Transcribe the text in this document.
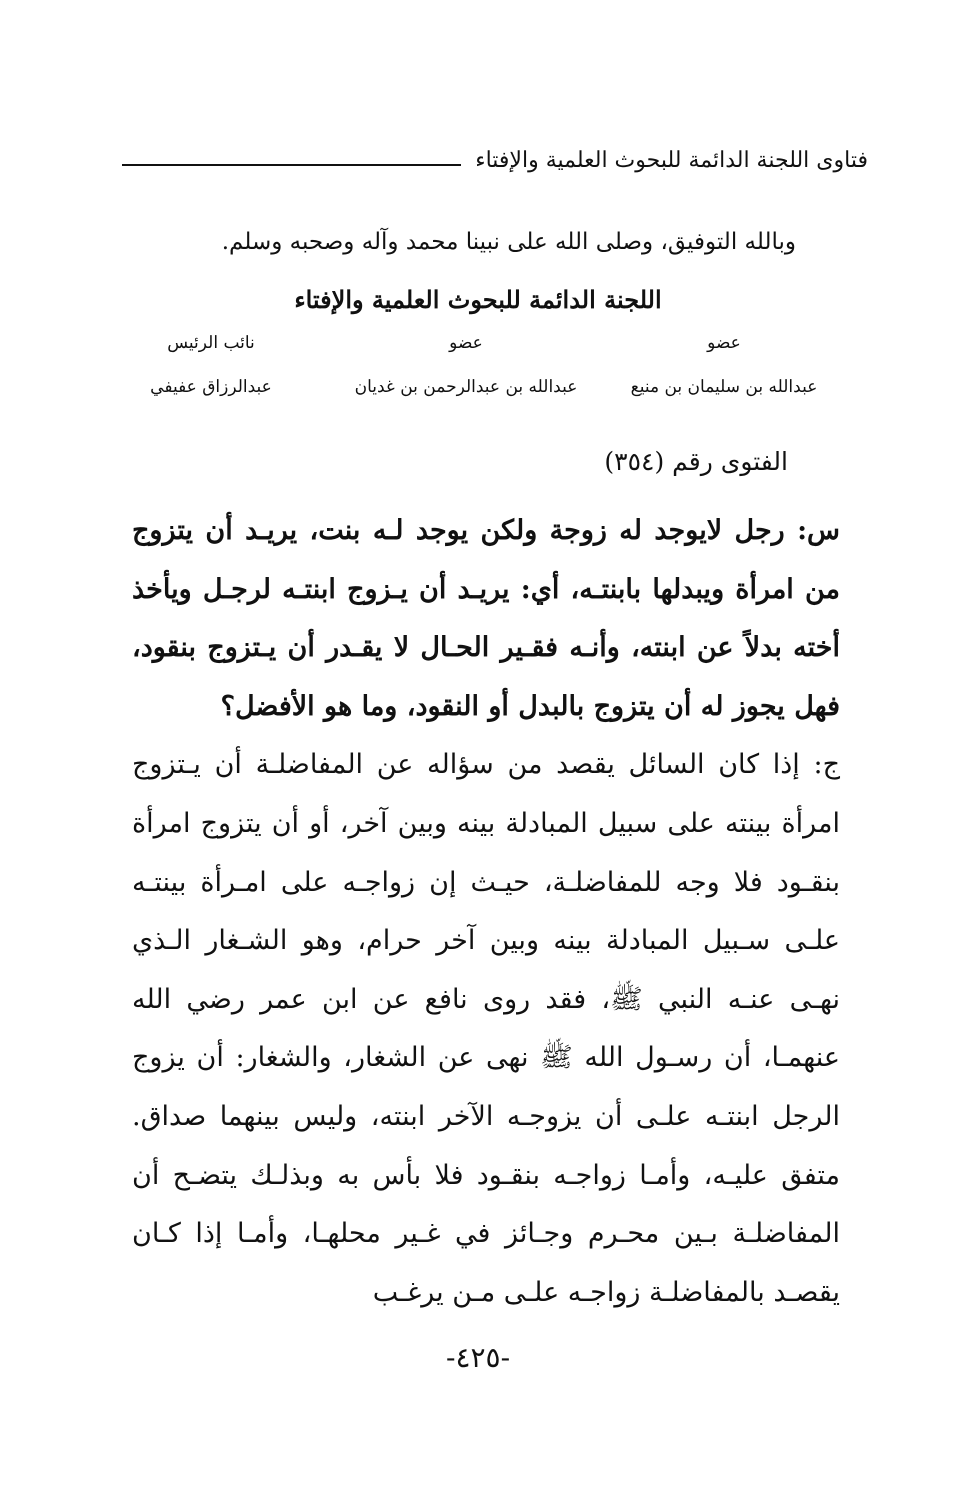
فتاوى اللجنة الدائمة للبحوث العلمية والإفتاء
وبالله التوفيق، وصلى الله على نبينا محمد وآله وصحبه وسلم.
اللجنة الدائمة للبحوث العلمية والإفتاء
عضو
عبدالله بن سليمان بن منيع
عضو
عبدالله بن عبدالرحمن بن غديان
نائب الرئيس
عبدالرزاق عفيفي
الفتوى رقم (٣٥٤)
س: رجل لايوجد له زوجة ولكن يوجد لـه بنت، يريـد أن يتزوج من امرأة ويبدلها بابنتـه، أي: يريـد أن يـزوج ابنتـه لرجـل ويأخذ أخته بدلاً عن ابنته، وأنـه فقـير الحـال لا يقـدر أن يـتزوج بنقود، فهل يجوز له أن يتزوج بالبدل أو النقود، وما هو الأفضل؟
ج: إذا كان السائل يقصد من سؤاله عن المفاضلـة أن يـتزوج امرأة بينته على سبيل المبادلة بينه وبين آخر، أو أن يتزوج امرأة بنقـود فلا وجه للمفاضلـة، حيـث إن زواجـه على امـرأة بينتـه علـى سـبيل المبادلة بينه وبين آخر حرام، وهو الشـغار الـذي نهـى عنـه النبي ﷺ، فقد روى نافع عن ابن عمر رضي الله عنهمـا، أن رسـول الله ﷺ نهى عن الشغار، والشغار: أن يزوج الرجل ابنتـه علـى أن يزوجـه الآخر ابنته، وليس بينهما صداق. متفق عليـه، وأمـا زواجـه بنقـود فلا بأس به وبذلـك يتضـح أن المفاضلـة بـين محـرم وجـائز في غـير محلهـا، وأمـا إذا كـان يقصـد بالمفاضلـة زواجـه علـى مـن يرغـب
-٤٢٥-
